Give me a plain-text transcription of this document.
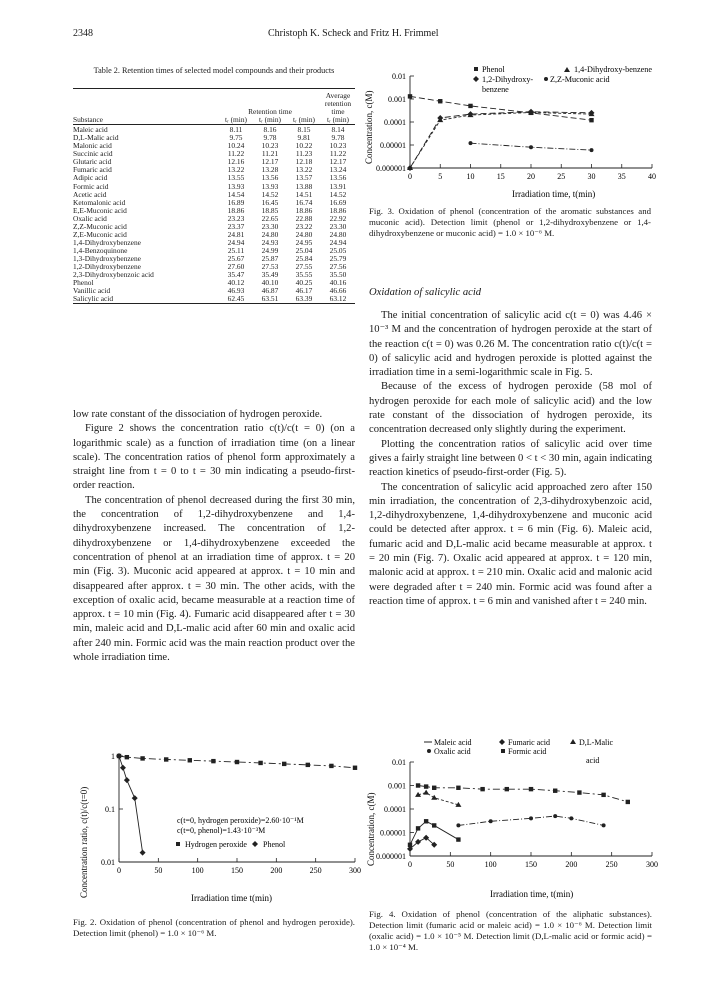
2348	Christoph K. Scheck and Fritz H. Frimmel
Table 2. Retention times of selected model compounds and their products

				Average
				retention
	Retention time			time
Substance	tᵣ (min)	tᵣ (min)	tᵣ (min)	tᵣ (min)

Maleic acid	8.11	8.16	8.15	8.14
D,L-Malic acid	9.75	9.78	9.81	9.78
Malonic acid	10.24	10.23	10.22	10.23
Succinic acid	11.22	11.21	11.23	11.22
Glutaric acid	12.16	12.17	12.18	12.17
Fumaric acid	13.22	13.28	13.22	13.24
Adipic acid	13.55	13.56	13.57	13.56
Formic acid	13.93	13.93	13.88	13.91
Acetic acid	14.54	14.52	14.51	14.52
Ketomalonic acid	16.89	16.45	16.74	16.69
E,E-Muconic acid	18.86	18.85	18.86	18.86
Oxalic acid	23.23	22.65	22.88	22.92
Z,Z-Muconic acid	23.37	23.30	23.22	23.30
Z,E-Muconic acid	24.81	24.80	24.80	24.80
1,4-Dihydroxybenzene	24.94	24.93	24.95	24.94
1,4-Benzoquinone	25.11	24.99	25.04	25.05
1,3-Dihydroxybenzene	25.67	25.87	25.84	25.79
1,2-Dihydroxybenzene	27.60	27.53	27.55	27.56
2,3-Dihydroxybenzoic acid	35.47	35.49	35.55	35.50
Phenol	40.12	40.10	40.25	40.16
Vanillic acid	46.93	46.87	46.17	46.66
Salicylic acid	62.45	63.51	63.39	63.12

low rate constant of the dissociation of hydrogen peroxide.

Figure 2 shows the concentration ratio c(t)/c(t = 0) (on a logarithmic scale) as a function of irradiation time (on a linear scale). The concentration ratios of phenol form approximately a straight line from t = 0 to t = 30 min indicating a pseudo-first-order reaction.

The concentration of phenol decreased during the first 30 min, the concentration of 1,2-dihydroxybenzene and 1,4-dihydroxybenzene increased. The concentration of 1,2-dihydroxybenzene or 1,4-dihydroxybenzene exceeded the concentration of phenol at an irradiation time of approx. t = 20 min (Fig. 3). Muconic acid appeared at approx. t = 10 min and disappeared after approx. t = 30 min. The other acids, with the exception of oxalic acid, became measurable at a reaction time of approx. t = 10 min (Fig. 4). Fumaric acid disappeared after t = 30 min, maleic acid and D,L-malic acid after 60 min and oxalic acid after 240 min. Formic acid was the main reaction product over the whole irradiation time.

Oxidation of salicylic acid

The initial concentration of salicylic acid c(t = 0) was 4.46 × 10⁻³ M and the concentration of hydrogen peroxide at the start of the reaction c(t = 0) was 0.26 M. The concentration ratio c(t)/c(t = 0) of salicylic acid and hydrogen peroxide is plotted against the irradiation time in a semi-logarithmic scale in Fig. 5.

Because of the excess of hydrogen peroxide (58 mol of hydrogen peroxide for each mole of salicylic acid) and the low rate constant of the dissociation of hydrogen peroxide, its concentration decreased only slightly during the experiment.

Plotting the concentration ratios of salicylic acid over time gives a fairly straight line between 0 < t < 30 min, again indicating reaction kinetics of pseudo-first-order (Fig. 5).

The concentration of salicylic acid approached zero after 150 min irradiation, the concentration of 2,3-dihydroxybenzoic acid, 1,2-dihydroxybenzene, 1,4-dihydroxybenzene and muconic acid could be detected after approx. t = 6 min (Fig. 6). Maleic acid, fumaric acid and D,L-malic acid became measurable at approx. t = 20 min (Fig. 7). Oxalic acid appeared at approx. t = 120 min, malonic acid at approx. t = 210 min. Oxalic acid and malonic acid were degraded after t = 240 min. Formic acid was found after a reaction time of approx. t = 6 min and vanished after t = 240 min.

Concentration, c(M)
0.01
0.001
0.0001
0.00001
0.000001
0	5	10	15	20	25	30	35	40
Phenol	1,4-Dihydroxy-benzene
1,2-Dihydroxy- Z,Z-Muconic acid
benzene
Irradiation time, t(min)
Fig. 3. Oxidation of phenol (concentration of the aromatic substances and muconic acid). Detection limit (phenol or 1,2-dihydroxybenzene or 1,4-dihydroxybenzene or muconic acid) = 1.0 × 10⁻⁶ M.
Concentration ratio, c(t)/c(t=0)
1
0.1
0.01
0	50	100	150	200	250	300
c(t=0, hydrogen peroxide)=2.60·10⁻¹M
c(t=0, phenol)=1.43·10⁻³M
Hydrogen peroxide Phenol
Irradiation time t(min)
Fig. 2. Oxidation of phenol (concentration of phenol and hydrogen peroxide). Detection limit (phenol) = 1.0 × 10⁻⁶ M.
Concentration, c(M)
0.01
0.001
0.0001
0.00001
0.000001
0	50	100	150	200	250	300
Maleic acid	Fumaric acid	D,L-Malic
Oxalic acid	Formic acid
acid
Irradiation time, t(min)
Fig. 4. Oxidation of phenol (concentration of the aliphatic substances). Detection limit (fumaric acid or maleic acid) = 1.0 × 10⁻⁶ M. Detection limit (oxalic acid) = 1.0 × 10⁻⁵ M. Detection limit (D,L-malic acid or formic acid) = 1.0 × 10⁻⁴ M.
